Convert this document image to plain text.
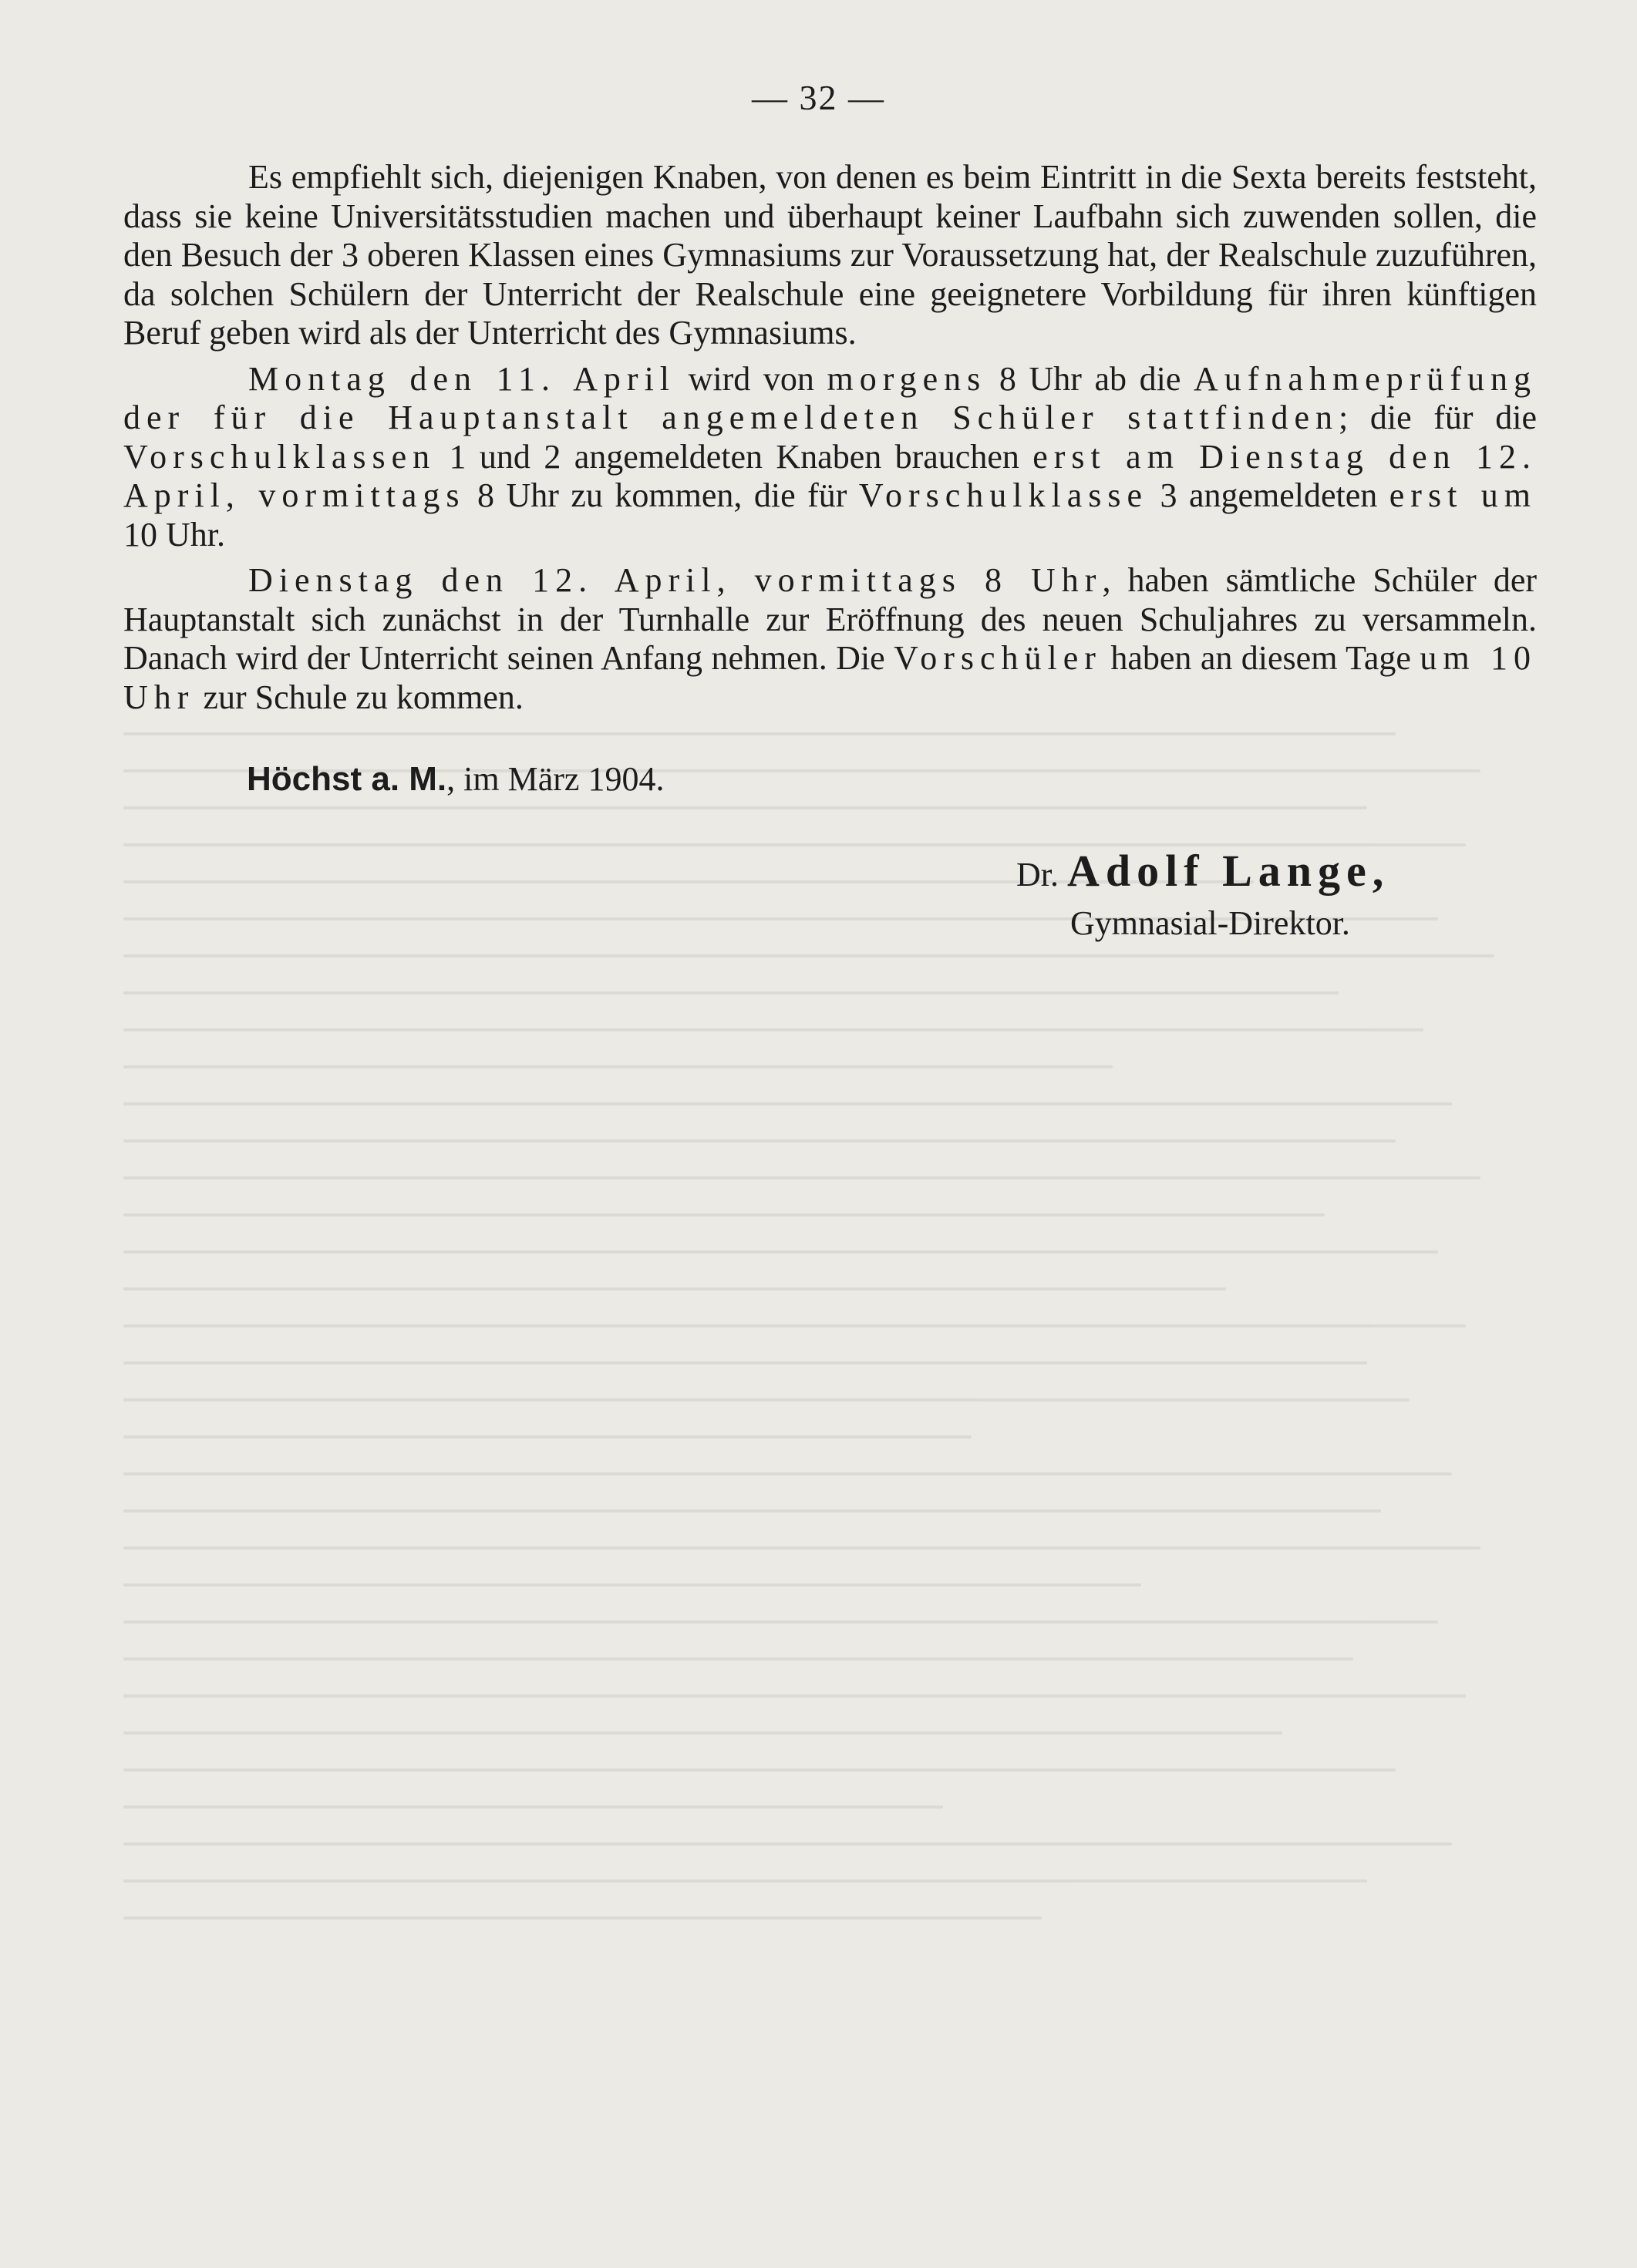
— 32 —

Es empfiehlt sich, diejenigen Knaben, von denen es beim Eintritt in die Sexta bereits feststeht, dass sie keine Universitätsstudien machen und überhaupt keiner Laufbahn sich zuwenden sollen, die den Besuch der 3 oberen Klassen eines Gymnasiums zur Voraussetzung hat, der Realschule zuzuführen, da solchen Schülern der Unterricht der Realschule eine geeignetere Vorbildung für ihren künftigen Beruf geben wird als der Unterricht des Gymnasiums.

Montag den 11. April wird von morgens 8 Uhr ab die Aufnahmeprüfung der für die Hauptanstalt angemeldeten Schüler stattfinden; die für die Vorschulklassen 1 und 2 angemeldeten Knaben brauchen erst am Dienstag den 12. April, vormittags 8 Uhr zu kommen, die für Vorschulklasse 3 angemeldeten erst um 10 Uhr.

Dienstag den 12. April, vormittags 8 Uhr, haben sämtliche Schüler der Hauptanstalt sich zunächst in der Turnhalle zur Eröffnung des neuen Schuljahres zu versammeln. Danach wird der Unterricht seinen Anfang nehmen. Die Vorschüler haben an diesem Tage um 10 Uhr zur Schule zu kommen.

Höchst a. M., im März 1904.
Dr. Adolf Lange,
Gymnasial-Direktor.
